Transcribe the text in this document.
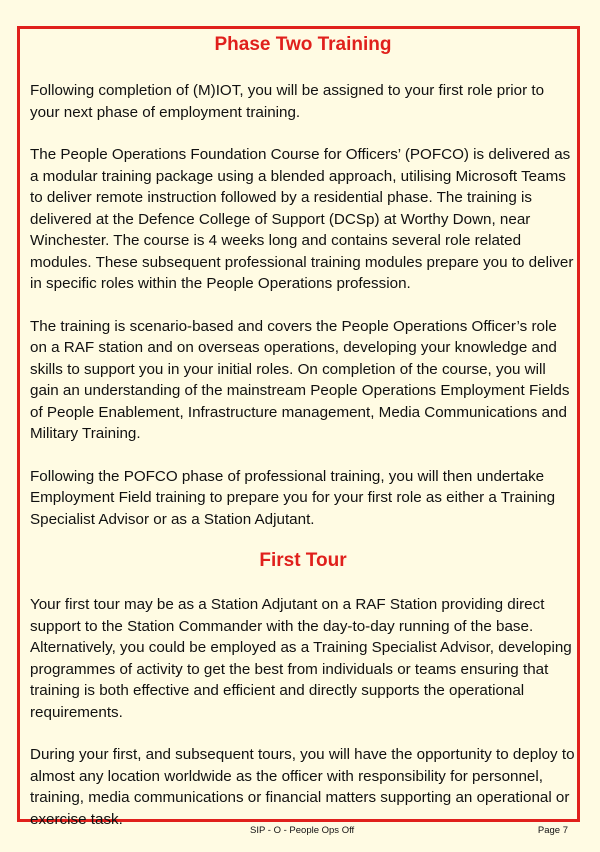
Phase Two Training

Following completion of (M)IOT, you will be assigned to your first role prior to your next phase of employment training.

The People Operations Foundation Course for Officers’ (POFCO) is delivered as a modular training package using a blended approach, utilising Microsoft Teams to deliver remote instruction followed by a residential phase. The training is delivered at the Defence College of Support (DCSp) at Worthy Down, near Winchester. The course is 4 weeks long and contains several role related modules. These subsequent professional training modules prepare you to deliver in specific roles within the People Operations profession.

The training is scenario-based and covers the People Operations Officer’s role on a RAF station and on overseas operations, developing your knowledge and skills to support you in your initial roles. On completion of the course, you will gain an understanding of the mainstream People Operations Employment Fields of People Enablement, Infrastructure management, Media Communications and Military Training.

Following the POFCO phase of professional training, you will then undertake Employment Field training to prepare you for your first role as either a Training Specialist Advisor or as a Station Adjutant.

First Tour

Your first tour may be as a Station Adjutant on a RAF Station providing direct support to the Station Commander with the day-to-day running of the base. Alternatively, you could be employed as a Training Specialist Advisor, developing programmes of activity to get the best from individuals or teams ensuring that training is both effective and efficient and directly supports the operational requirements.

During your first, and subsequent tours, you will have the opportunity to deploy to almost any location worldwide as the officer with responsibility for personnel, training, media communications or financial matters supporting an operational or exercise task.

SIP - O - People Ops Off	Page 7
